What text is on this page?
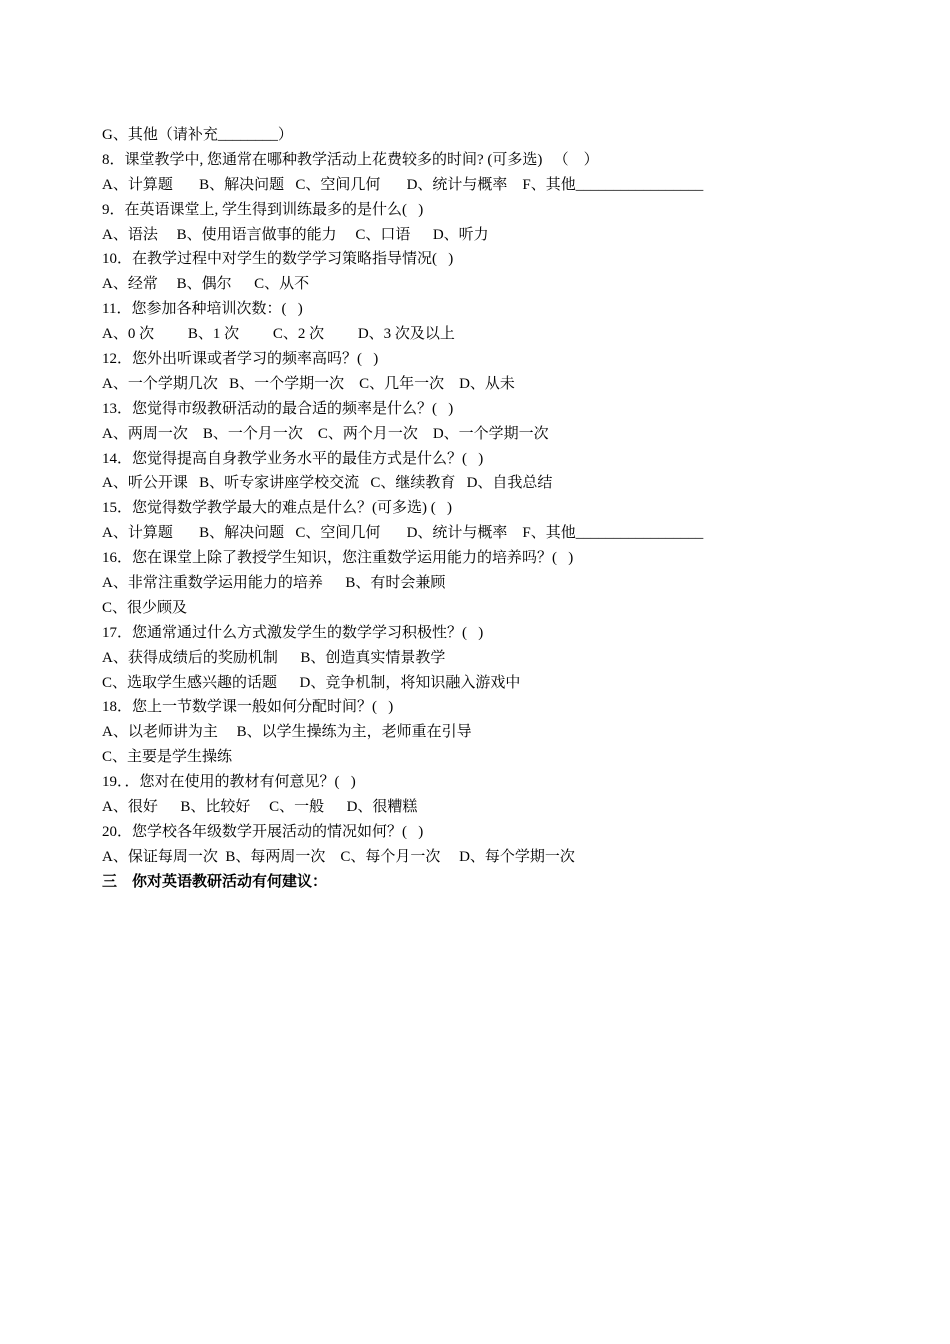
G、其他（请补充________）
8．课堂教学中, 您通常在哪种教学活动上花费较多的时间? (可多选)   （    ）
A、计算题       B、解决问题   C、空间几何       D、统计与概率    F、其他_________________
9．在英语课堂上, 学生得到训练最多的是什么(   )
A、语法     B、使用语言做事的能力     C、口语      D、听力
10．在教学过程中对学生的数学学习策略指导情况(   )
A、经常     B、偶尔      C、从不
11．您参加各种培训次数：(   )
A、0 次         B、1 次         C、2 次         D、3 次及以上
12．您外出听课或者学习的频率高吗？(   )
A、一个学期几次   B、一个学期一次    C、几年一次    D、从未
13．您觉得市级教研活动的最合适的频率是什么？(   )
A、两周一次    B、一个月一次    C、两个月一次    D、一个学期一次
14．您觉得提高自身教学业务水平的最佳方式是什么？(   )
A、听公开课   B、听专家讲座学校交流   C、继续教育   D、自我总结
15．您觉得数学教学最大的难点是什么？(可多选) (   )
A、计算题       B、解决问题   C、空间几何       D、统计与概率    F、其他_________________
16．您在课堂上除了教授学生知识，您注重数学运用能力的培养吗？(   )
A、非常注重数学运用能力的培养      B、有时会兼顾
C、很少顾及
17．您通常通过什么方式激发学生的数学学习积极性？(   )
A、获得成绩后的奖励机制      B、创造真实情景教学
C、选取学生感兴趣的话题      D、竞争机制，将知识融入游戏中
18．您上一节数学课一般如何分配时间？(   )
A、以老师讲为主     B、以学生操练为主，老师重在引导
C、主要是学生操练
19．．您对在使用的教材有何意见？(   )
A、很好      B、比较好     C、一般      D、很糟糕
20．您学校各年级数学开展活动的情况如何？(   )
A、保证每周一次  B、每两周一次    C、每个月一次     D、每个学期一次
三    你对英语教研活动有何建议：
